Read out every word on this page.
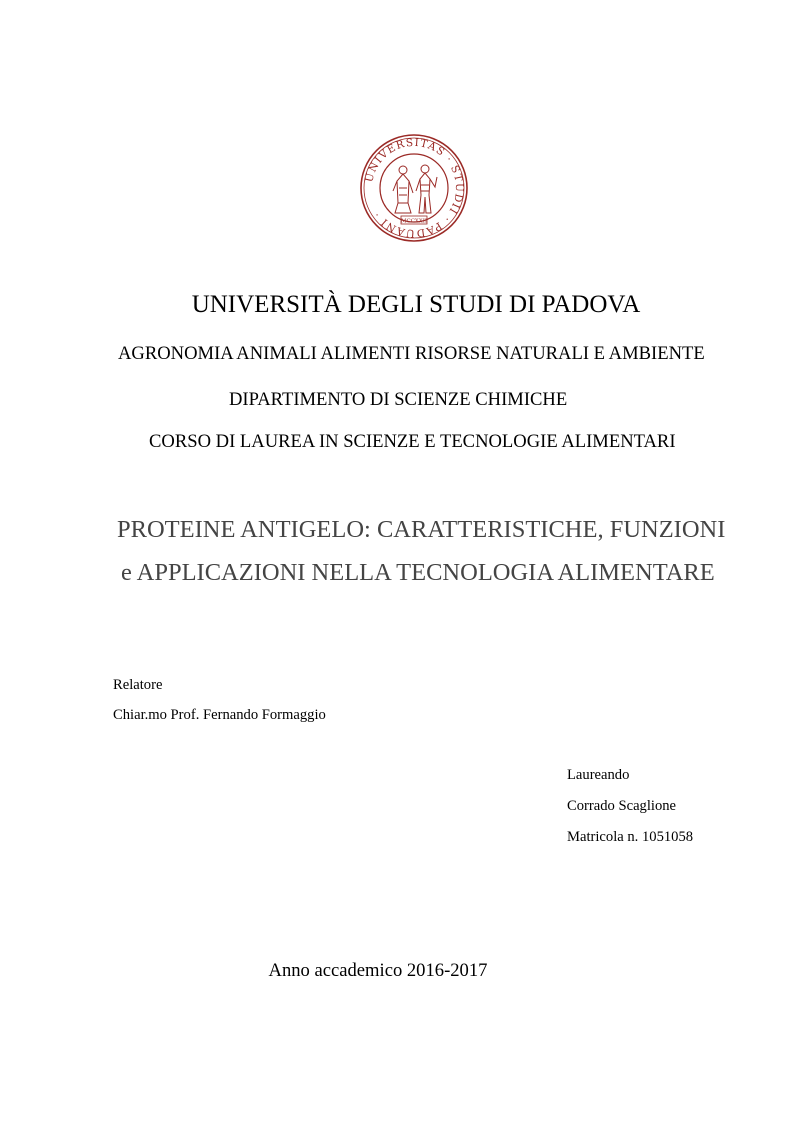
UNIVERSITAS · STUDII · PADUANI ·
MCCXXII
UNIVERSITÀ DEGLI STUDI DI PADOVA
AGRONOMIA ANIMALI ALIMENTI RISORSE NATURALI E AMBIENTE
DIPARTIMENTO DI SCIENZE CHIMICHE
CORSO DI LAUREA IN SCIENZE E TECNOLOGIE ALIMENTARI
PROTEINE ANTIGELO: CARATTERISTICHE, FUNZIONI
e APPLICAZIONI NELLA TECNOLOGIA ALIMENTARE
Relatore
Chiar.mo Prof. Fernando Formaggio
Laureando
Corrado Scaglione
Matricola n. 1051058
Anno accademico 2016-2017
